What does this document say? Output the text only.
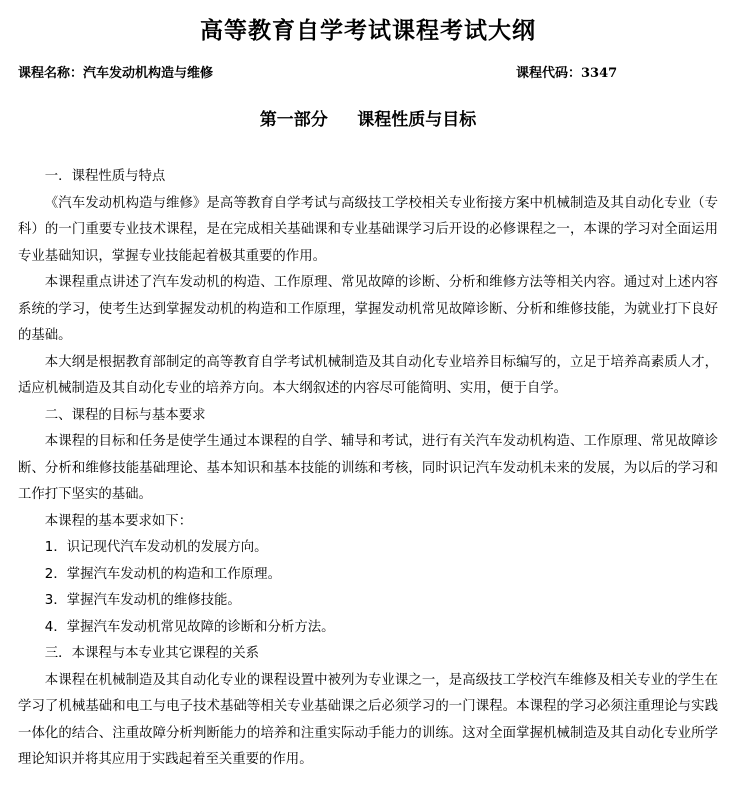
高等教育自学考试课程考试大纲
课程名称：汽车发动机构造与维修	课程代码：3347
第一部分     课程性质与目标

一．课程性质与特点

《汽车发动机构造与维修》是高等教育自学考试与高级技工学校相关专业衔接方案中机械制造及其自动化专业（专科）的一门重要专业技术课程，是在完成相关基础课和专业基础课学习后开设的必修课程之一，本课的学习对全面运用专业基础知识，掌握专业技能起着极其重要的作用。

本课程重点讲述了汽车发动机的构造、工作原理、常见故障的诊断、分析和维修方法等相关内容。通过对上述内容系统的学习，使考生达到掌握发动机的构造和工作原理，掌握发动机常见故障诊断、分析和维修技能，为就业打下良好的基础。

本大纲是根据教育部制定的高等教育自学考试机械制造及其自动化专业培养目标编写的，立足于培养高素质人才，适应机械制造及其自动化专业的培养方向。本大纲叙述的内容尽可能简明、实用，便于自学。

二、课程的目标与基本要求

本课程的目标和任务是使学生通过本课程的自学、辅导和考试，进行有关汽车发动机构造、工作原理、常见故障诊断、分析和维修技能基础理论、基本知识和基本技能的训练和考核，同时识记汽车发动机未来的发展，为以后的学习和工作打下坚实的基础。

本课程的基本要求如下：

1．识记现代汽车发动机的发展方向。

2．掌握汽车发动机的构造和工作原理。

3．掌握汽车发动机的维修技能。

4．掌握汽车发动机常见故障的诊断和分析方法。

三．本课程与本专业其它课程的关系

本课程在机械制造及其自动化专业的课程设置中被列为专业课之一，是高级技工学校汽车维修及相关专业的学生在学习了机械基础和电工与电子技术基础等相关专业基础课之后必须学习的一门课程。本课程的学习必须注重理论与实践一体化的结合、注重故障分析判断能力的培养和注重实际动手能力的训练。这对全面掌握机械制造及其自动化专业所学理论知识并将其应用于实践起着至关重要的作用。
